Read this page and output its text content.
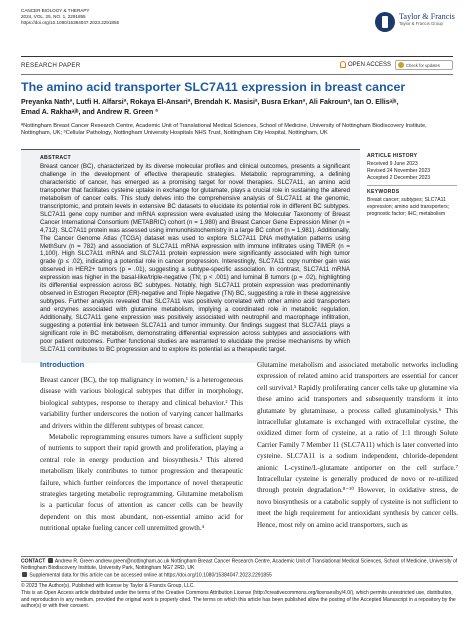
CANCER BIOLOGY & THERAPY
2024, VOL. 25, NO. 1, 2291855
https://doi.org/10.1080/15384047.2023.2291855
Taylor & Francis
Taylor & Francis Group
RESEARCH PAPER	OPEN ACCESS	Check for updates
The amino acid transporter SLC7A11 expression in breast cancer
Preyanka Nathª, Lutfi H. Alfarsiª, Rokaya El-Ansariª, Brendah K. Masisiª, Busra Erkanª, Ali Fakrounª, Ian O. Ellisᵃʲᵇ,
Emad A. Rakhaᵃʲᵇ, and Andrew R. Green ª
ªNottingham Breast Cancer Research Centre, Academic Unit of Translational Medical Sciences, School of Medicine, University of Nottingham Biodiscovery Institute, Nottingham, UK; ᵇCellular Pathology, Nottingham University Hospitals NHS Trust, Nottingham City Hospital, Nottingham, UK
ABSTRACT
Breast cancer (BC), characterized by its diverse molecular profiles and clinical outcomes, presents a significant challenge in the development of effective therapeutic strategies. Metabolic reprogramming, a defining characteristic of cancer, has emerged as a promising target for novel therapies. SLC7A11, an amino acid transporter that facilitates cysteine uptake in exchange for glutamate, plays a crucial role in sustaining the altered metabolism of cancer cells. This study delves into the comprehensive analysis of SLC7A11 at the genomic, transcriptomic, and protein levels in extensive BC datasets to elucidate its potential role in different BC subtypes. SLC7A11 gene copy number and mRNA expression were evaluated using the Molecular Taxonomy of Breast Cancer International Consortium (METABRIC) cohort (n = 1,980) and Breast Cancer Gene Expression Miner (n = 4,712). SLC7A11 protein was assessed using immunohistochemistry in a large BC cohort (n = 1,981). Additionally, The Cancer Genome Atlas (TCGA) dataset was used to explore SLC7A11 DNA methylation patterns using MethSurv (n = 782) and association of SLC7A11 mRNA expression with immune infiltrates using TIMER (n = 1,100). High SLC7A11 mRNA and SLC7A11 protein expression were significantly associated with high tumor grade (p ≤ .02), indicating a potential role in cancer progression. Interestingly, SLC7A11 copy number gain was observed in HER2+ tumors (p = .01), suggesting a subtype-specific association. In contrast, SLC7A11 mRNA expression was higher in the basal-like/triple-negative (TN; p < .001) and luminal B tumors (p = .02), highlighting its differential expression across BC subtypes. Notably, high SLC7A11 protein expression was predominantly observed in Estrogen Receptor (ER)-negative and Triple Negative (TN) BC, suggesting a role in these aggressive subtypes. Further analysis revealed that SLC7A11 was positively correlated with other amino acid transporters and enzymes associated with glutamine metabolism, implying a coordinated role in metabolic regulation. Additionally, SLC7A11 gene expression was positively associated with neutrophil and macrophage infiltration, suggesting a potential link between SLC7A11 and tumor immunity. Our findings suggest that SLC7A11 plays a significant role in BC metabolism, demonstrating differential expression across subtypes and associations with poor patient outcomes. Further functional studies are warranted to elucidate the precise mechanisms by which SLC7A11 contributes to BC progression and to explore its potential as a therapeutic target.
ARTICLE HISTORY
Received 9 June 2023
Revised 24 November 2023
Accepted 2 December 2023
KEYWORDS
Breast cancer; subtypes; SLC7A11 expression; amino acid transporters; prognostic factor; IHC; metabolism
Introduction

Breast cancer (BC), the top malignancy in women,¹ is a heterogeneous disease with various biological subtypes that differ in morphology, biological subtypes, response to therapy and clinical behavior.² This variability further underscores the notion of varying cancer hallmarks and drivers within the different subtypes of breast cancer.

Metabolic reprogramming ensures tumors have a sufficient supply of nutrients to support their rapid growth and proliferation, playing a central role in energy production and biosynthesis.³ This altered metabolism likely contributes to tumor progression and therapeutic failure, which further reinforces the importance of novel therapeutic strategies targeting metabolic reprogramming. Glutamine metabolism is a particular focus of attention as cancer cells can be heavily dependent on this most abundant, non-essential amino acid for nutritional uptake fueling cancer cell unremitted growth.⁴

Glutamine metabolism and associated metabolic networks including expression of related amino acid transporters are essential for cancer cell survival.⁵ Rapidly proliferating cancer cells take up glutamine via these amino acid transporters and subsequently transform it into glutamate by glutaminase, a process called glutaminolysis.⁶ This intracellular glutamate is exchanged with extracellular cystine, the oxidized dimer form of cysteine, at a ratio of 1:1 through Solute Carrier Family 7 Member 11 (SLC7A11) which is later converted into cysteine. SLC7A11 is a sodium independent, chloride-dependent anionic L-cystine/L-glutamate antiporter on the cell surface.⁷ Intracellular cysteine is generally produced de novo or re-utilized through protein degradation.⁸⁻¹⁰ However, in oxidative stress, de novo biosynthesis or a catabolic supply of cysteine is not sufficient to meet the high requirement for antioxidant synthesis by cancer cells. Hence, most rely on amino acid transporters, such as

CONTACT Andrew R. Green andrew.green@nottingham.ac.uk Nottingham Breast Cancer Research Centre, Academic Unit of Translational Medical Sciences, School of Medicine, University of Nottingham Biodiscovery Institute, University Park, Nottingham NG7 2RD, UK
Supplemental data for this article can be accessed online at https://doi.org/10.1080/15384047.2023.2291855
© 2023 The Author(s). Published with license by Taylor & Francis Group, LLC.
This is an Open Access article distributed under the terms of the Creative Commons Attribution License (http://creativecommons.org/licenses/by/4.0/), which permits unrestricted use, distribution, and reproduction in any medium, provided the original work is properly cited. The terms on which this article has been published allow the posting of the Accepted Manuscript in a repository by the author(s) or with their consent.
